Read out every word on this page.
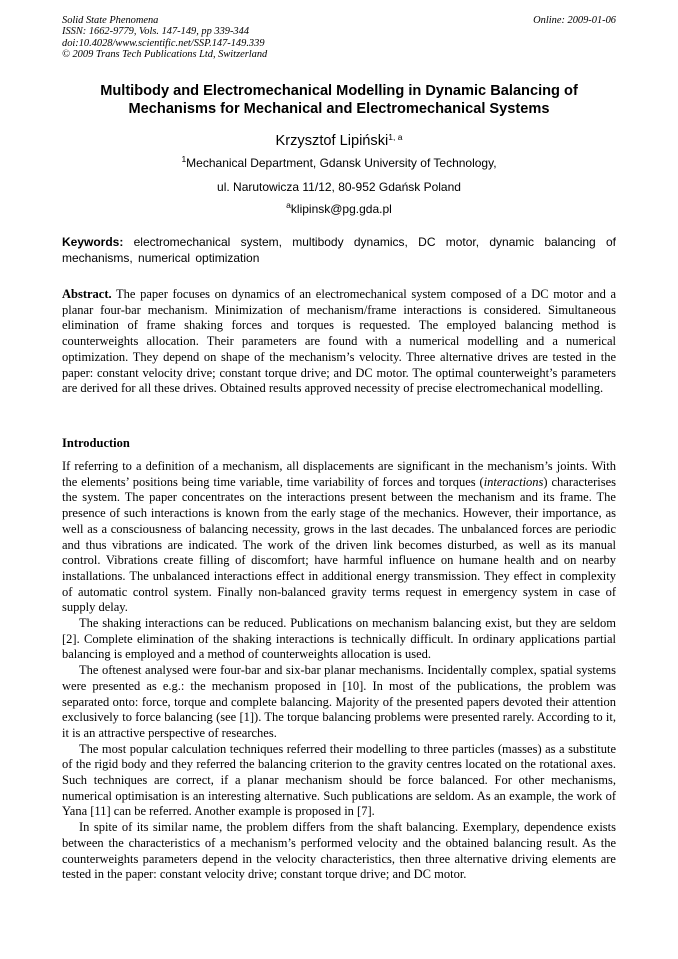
Solid State Phenomena
ISSN: 1662-9779, Vols. 147-149, pp 339-344
doi:10.4028/www.scientific.net/SSP.147-149.339
© 2009 Trans Tech Publications Ltd, Switzerland
Online: 2009-01-06
Multibody and Electromechanical Modelling in Dynamic Balancing of Mechanisms for Mechanical and Electromechanical Systems
Krzysztof Lipiński$^{1, a}$
$^1$Mechanical Department, Gdansk University of Technology,
ul. Narutowicza 11/12, 80-952 Gdańsk Poland
$^a$klipinsk@pg.gda.pl
Keywords: electromechanical system, multibody dynamics, DC motor, dynamic balancing of mechanisms, numerical optimization
Abstract. The paper focuses on dynamics of an electromechanical system composed of a DC motor and a planar four-bar mechanism. Minimization of mechanism/frame interactions is considered. Simultaneous elimination of frame shaking forces and torques is requested. The employed balancing method is counterweights allocation. Their parameters are found with a numerical modelling and a numerical optimization. They depend on shape of the mechanism’s velocity. Three alternative drives are tested in the paper: constant velocity drive; constant torque drive; and DC motor. The optimal counterweight’s parameters are derived for all these drives. Obtained results approved necessity of precise electromechanical modelling.
Introduction

If referring to a definition of a mechanism, all displacements are significant in the mechanism’s joints. With the elements’ positions being time variable, time variability of forces and torques (interactions) characterises the system. The paper concentrates on the interactions present between the mechanism and its frame. The presence of such interactions is known from the early stage of the mechanics. However, their importance, as well as a consciousness of balancing necessity, grows in the last decades. The unbalanced forces are periodic and thus vibrations are indicated. The work of the driven link becomes disturbed, as well as its manual control. Vibrations create filling of discomfort; have harmful influence on humane health and on nearby installations. The unbalanced interactions effect in additional energy transmission. They effect in complexity of automatic control system. Finally non-balanced gravity terms request in emergency system in case of supply delay.

The shaking interactions can be reduced. Publications on mechanism balancing exist, but they are seldom [2]. Complete elimination of the shaking interactions is technically difficult. In ordinary applications partial balancing is employed and a method of counterweights allocation is used.

The oftenest analysed were four-bar and six-bar planar mechanisms. Incidentally complex, spatial systems were presented as e.g.: the mechanism proposed in [10]. In most of the publications, the problem was separated onto: force, torque and complete balancing. Majority of the presented papers devoted their attention exclusively to force balancing (see [1]). The torque balancing problems were presented rarely. According to it, it is an attractive perspective of researches.

The most popular calculation techniques referred their modelling to three particles (masses) as a substitute of the rigid body and they referred the balancing criterion to the gravity centres located on the rotational axes. Such techniques are correct, if a planar mechanism should be force balanced. For other mechanisms, numerical optimisation is an interesting alternative. Such publications are seldom. As an example, the work of Yana [11] can be referred. Another example is proposed in [7].

In spite of its similar name, the problem differs from the shaft balancing. Exemplary, dependence exists between the characteristics of a mechanism’s performed velocity and the obtained balancing result. As the counterweights parameters depend in the velocity characteristics, then three alternative driving elements are tested in the paper: constant velocity drive; constant torque drive; and DC motor.
